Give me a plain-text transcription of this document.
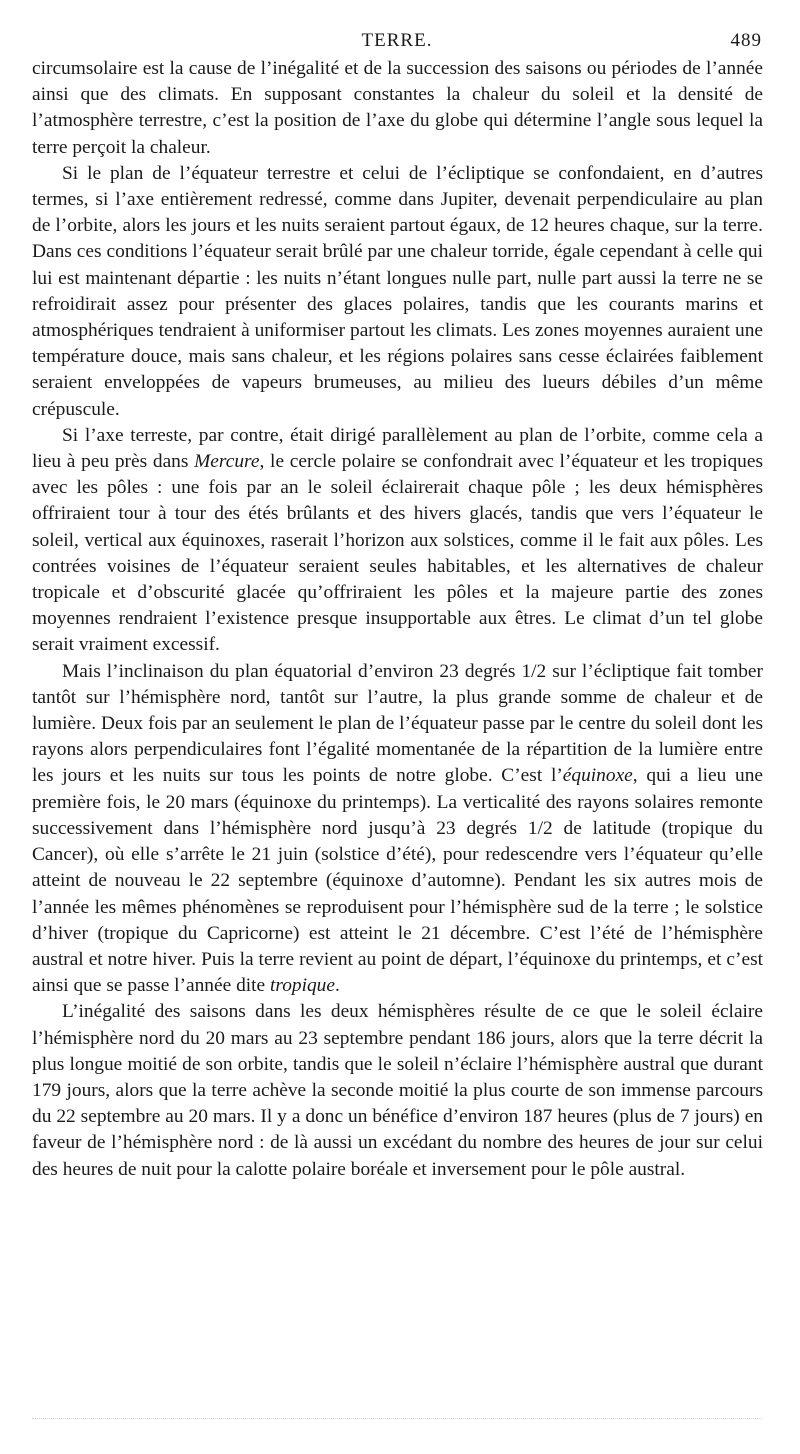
TERRE.	489

circumsolaire est la cause de l’inégalité et de la succession des saisons ou périodes de l’année ainsi que des climats. En supposant constantes la chaleur du soleil et la densité de l’atmosphère terrestre, c’est la position de l’axe du globe qui détermine l’angle sous lequel la terre perçoit la chaleur.

Si le plan de l’équateur terrestre et celui de l’écliptique se confondaient, en d’autres termes, si l’axe entièrement redressé, comme dans Jupiter, devenait perpendiculaire au plan de l’orbite, alors les jours et les nuits seraient partout égaux, de 12 heures chaque, sur la terre. Dans ces conditions l’équateur serait brûlé par une chaleur torride, égale cependant à celle qui lui est maintenant départie : les nuits n’étant longues nulle part, nulle part aussi la terre ne se refroidirait assez pour présenter des glaces polaires, tandis que les courants marins et atmosphériques tendraient à uniformiser partout les climats. Les zones moyennes auraient une température douce, mais sans chaleur, et les régions polaires sans cesse éclairées faiblement seraient enveloppées de vapeurs brumeuses, au milieu des lueurs débiles d’un même crépuscule.

Si l’axe terreste, par contre, était dirigé parallèlement au plan de l’orbite, comme cela a lieu à peu près dans Mercure, le cercle polaire se confondrait avec l’équateur et les tropiques avec les pôles : une fois par an le soleil éclairerait chaque pôle ; les deux hémisphères offriraient tour à tour des étés brûlants et des hivers glacés, tandis que vers l’équateur le soleil, vertical aux équinoxes, raserait l’horizon aux solstices, comme il le fait aux pôles. Les contrées voisines de l’équateur seraient seules habitables, et les alternatives de chaleur tropicale et d’obscurité glacée qu’offriraient les pôles et la majeure partie des zones moyennes rendraient l’existence presque insupportable aux êtres. Le climat d’un tel globe serait vraiment excessif.

Mais l’inclinaison du plan équatorial d’environ 23 degrés 1/2 sur l’écliptique fait tomber tantôt sur l’hémisphère nord, tantôt sur l’autre, la plus grande somme de chaleur et de lumière. Deux fois par an seulement le plan de l’équateur passe par le centre du soleil dont les rayons alors perpendiculaires font l’égalité momentanée de la répartition de la lumière entre les jours et les nuits sur tous les points de notre globe. C’est l’équinoxe, qui a lieu une première fois, le 20 mars (équinoxe du printemps). La verticalité des rayons solaires remonte successivement dans l’hémisphère nord jusqu’à 23 degrés 1/2 de latitude (tropique du Cancer), où elle s’arrête le 21 juin (solstice d’été), pour redescendre vers l’équateur qu’elle atteint de nouveau le 22 septembre (équinoxe d’automne). Pendant les six autres mois de l’année les mêmes phénomènes se reproduisent pour l’hémisphère sud de la terre ; le solstice d’hiver (tropique du Capricorne) est atteint le 21 décembre. C’est l’été de l’hémisphère austral et notre hiver. Puis la terre revient au point de départ, l’équinoxe du printemps, et c’est ainsi que se passe l’année dite tropique.

L’inégalité des saisons dans les deux hémisphères résulte de ce que le soleil éclaire l’hémisphère nord du 20 mars au 23 septembre pendant 186 jours, alors que la terre décrit la plus longue moitié de son orbite, tandis que le soleil n’éclaire l’hémisphère austral que durant 179 jours, alors que la terre achève la seconde moitié la plus courte de son immense parcours du 22 septembre au 20 mars. Il y a donc un bénéfice d’environ 187 heures (plus de 7 jours) en faveur de l’hémisphère nord : de là aussi un excédant du nombre des heures de jour sur celui des heures de nuit pour la calotte polaire boréale et inversement pour le pôle austral.
